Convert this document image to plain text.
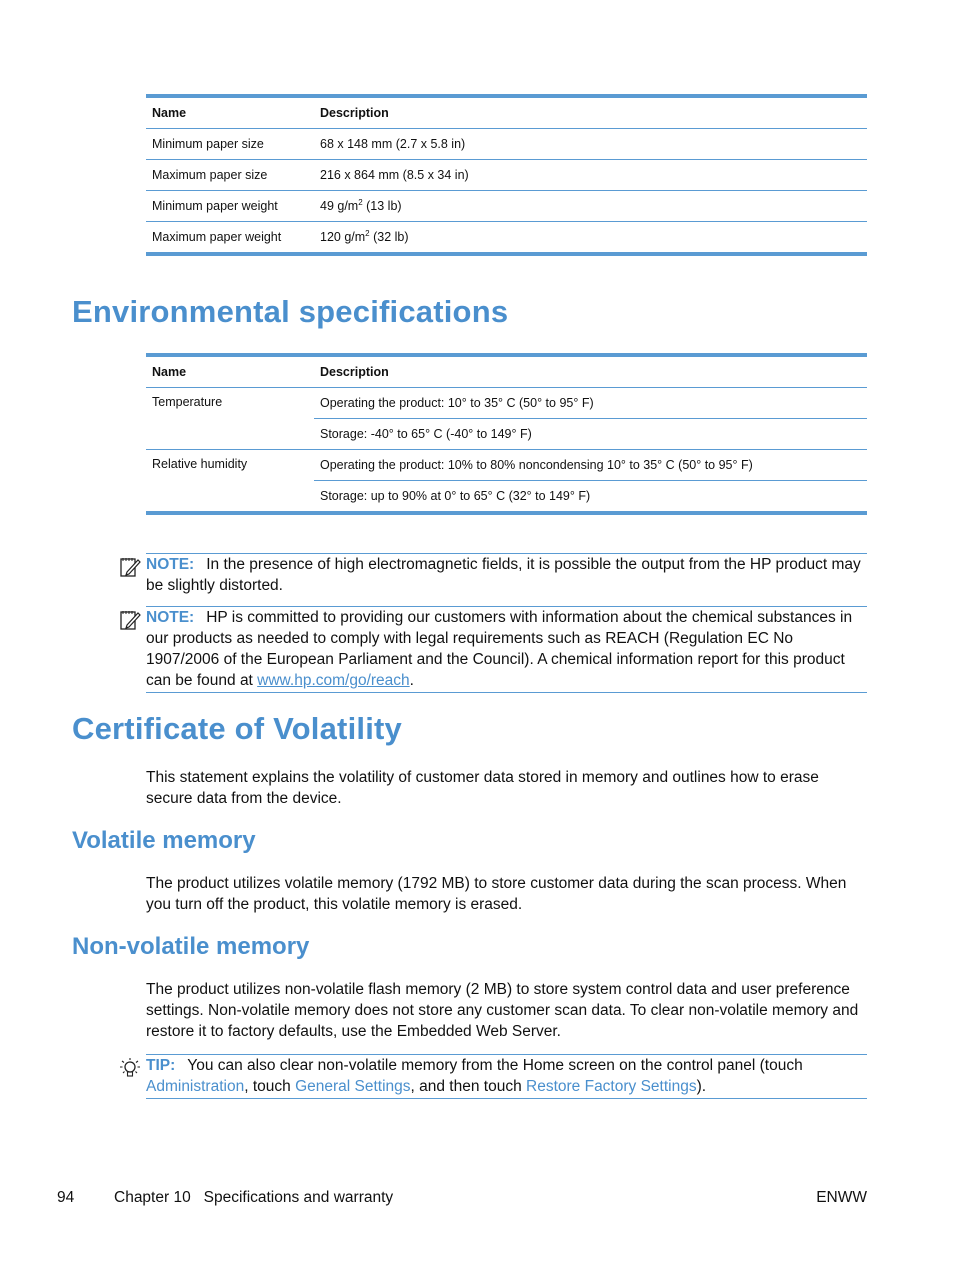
Name	Description
Minimum paper size	68 x 148 mm (2.7 x 5.8 in)
Maximum paper size	216 x 864 mm (8.5 x 34 in)
Minimum paper weight	49 $g/m^2$ (13 lb)
Maximum paper weight	120 $g/m^2$ (32 lb)
Environmental specifications
Name	Description
Temperature	Operating the product: 10° to 35° C (50° to 95° F)
	Storage: -40° to 65° C (-40° to 149° F)
Relative humidity	Operating the product: 10% to 80% noncondensing 10° to 35° C (50° to 95° F)
	Storage: up to 90% at 0° to 65° C (32° to 149° F)
NOTE: In the presence of high electromagnetic fields, it is possible the output from the HP product may be slightly distorted.
NOTE: HP is committed to providing our customers with information about the chemical substances in our products as needed to comply with legal requirements such as REACH (Regulation EC No 1907/2006 of the European Parliament and the Council). A chemical information report for this product can be found at www.hp.com/go/reach.
Certificate of Volatility

This statement explains the volatility of customer data stored in memory and outlines how to erase secure data from the device.

Volatile memory

The product utilizes volatile memory (1792 MB) to store customer data during the scan process. When you turn off the product, this volatile memory is erased.

Non-volatile memory

The product utilizes non-volatile flash memory (2 MB) to store system control data and user preference settings. Non-volatile memory does not store any customer scan data. To clear non-volatile memory and restore it to factory defaults, use the Embedded Web Server.

TIP: You can also clear non-volatile memory from the Home screen on the control panel (touch Administration, touch General Settings, and then touch Restore Factory Settings).
94	Chapter 10   Specifications and warranty	ENWW
